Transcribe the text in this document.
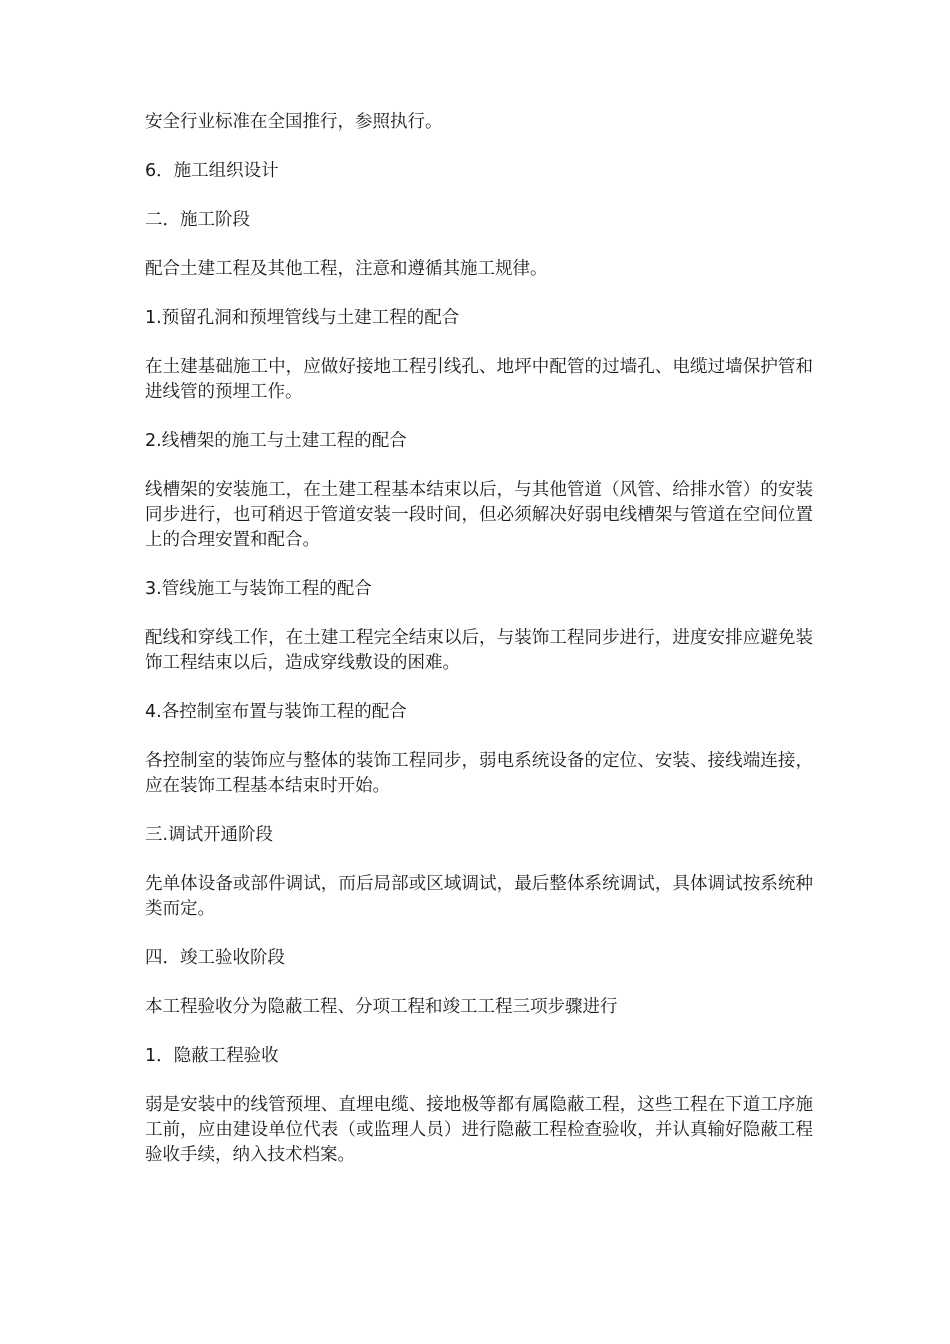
安全行业标准在全国推行，参照执行。

6．施工组织设计

二．施工阶段

配合土建工程及其他工程，注意和遵循其施工规律。

1.预留孔洞和预埋管线与土建工程的配合

在土建基础施工中，应做好接地工程引线孔、地坪中配管的过墙孔、电缆过墙保护管和进线管的预埋工作。

2.线槽架的施工与土建工程的配合

线槽架的安装施工，在土建工程基本结束以后，与其他管道（风管、给排水管）的安装同步进行，也可稍迟于管道安装一段时间，但必须解决好弱电线槽架与管道在空间位置上的合理安置和配合。

3.管线施工与装饰工程的配合

配线和穿线工作，在土建工程完全结束以后，与装饰工程同步进行，进度安排应避免装饰工程结束以后，造成穿线敷设的困难。

4.各控制室布置与装饰工程的配合

各控制室的装饰应与整体的装饰工程同步，弱电系统设备的定位、安装、接线端连接，应在装饰工程基本结束时开始。

三.调试开通阶段

先单体设备或部件调试，而后局部或区域调试，最后整体系统调试，具体调试按系统种类而定。

四．竣工验收阶段

本工程验收分为隐蔽工程、分项工程和竣工工程三项步骤进行

1．隐蔽工程验收

弱是安装中的线管预埋、直埋电缆、接地极等都有属隐蔽工程，这些工程在下道工序施工前，应由建设单位代表（或监理人员）进行隐蔽工程检查验收，并认真输好隐蔽工程验收手续，纳入技术档案。
